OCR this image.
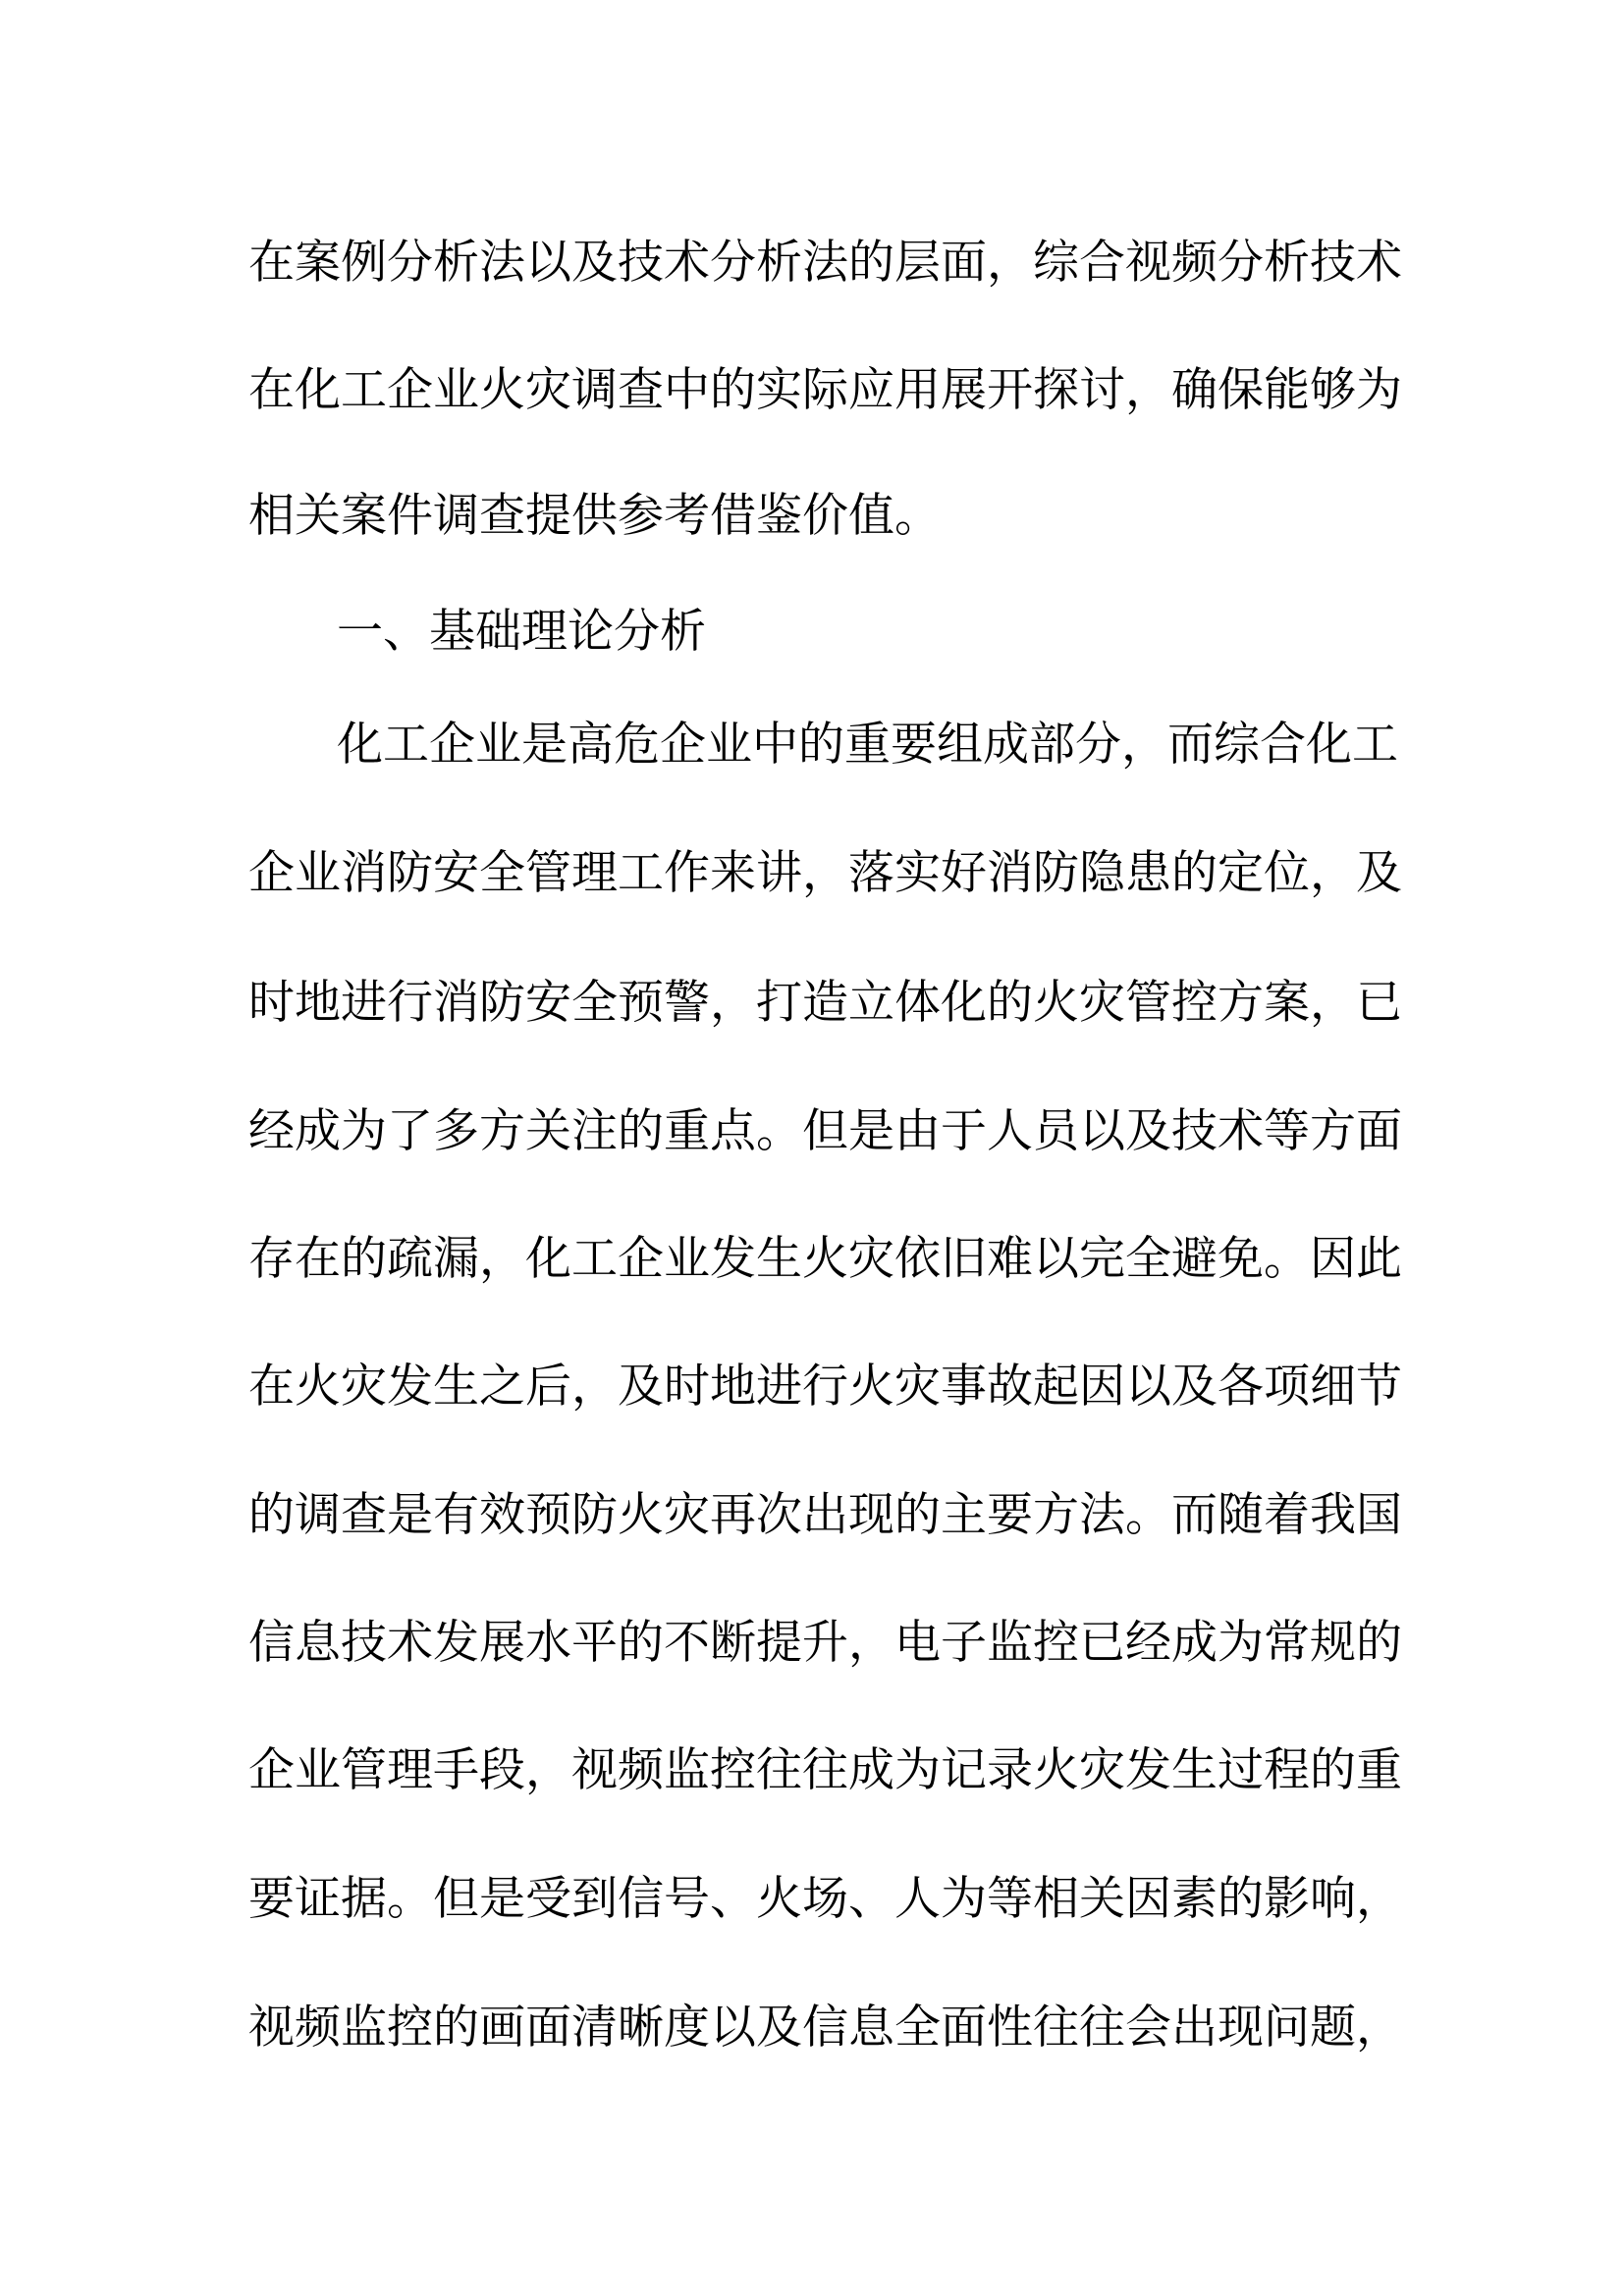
在案例分析法以及技术分析法的层面，综合视频分析技术
在化工企业火灾调查中的实际应用展开探讨，确保能够为
相关案件调查提供参考借鉴价值。
一、基础理论分析
化工企业是高危企业中的重要组成部分，而综合化工
企业消防安全管理工作来讲，落实好消防隐患的定位，及
时地进行消防安全预警，打造立体化的火灾管控方案，已
经成为了多方关注的重点。但是由于人员以及技术等方面
存在的疏漏，化工企业发生火灾依旧难以完全避免。因此
在火灾发生之后，及时地进行火灾事故起因以及各项细节
的调查是有效预防火灾再次出现的主要方法。而随着我国
信息技术发展水平的不断提升，电子监控已经成为常规的
企业管理手段，视频监控往往成为记录火灾发生过程的重
要证据。但是受到信号、火场、人为等相关因素的影响，
视频监控的画面清晰度以及信息全面性往往会出现问题，
